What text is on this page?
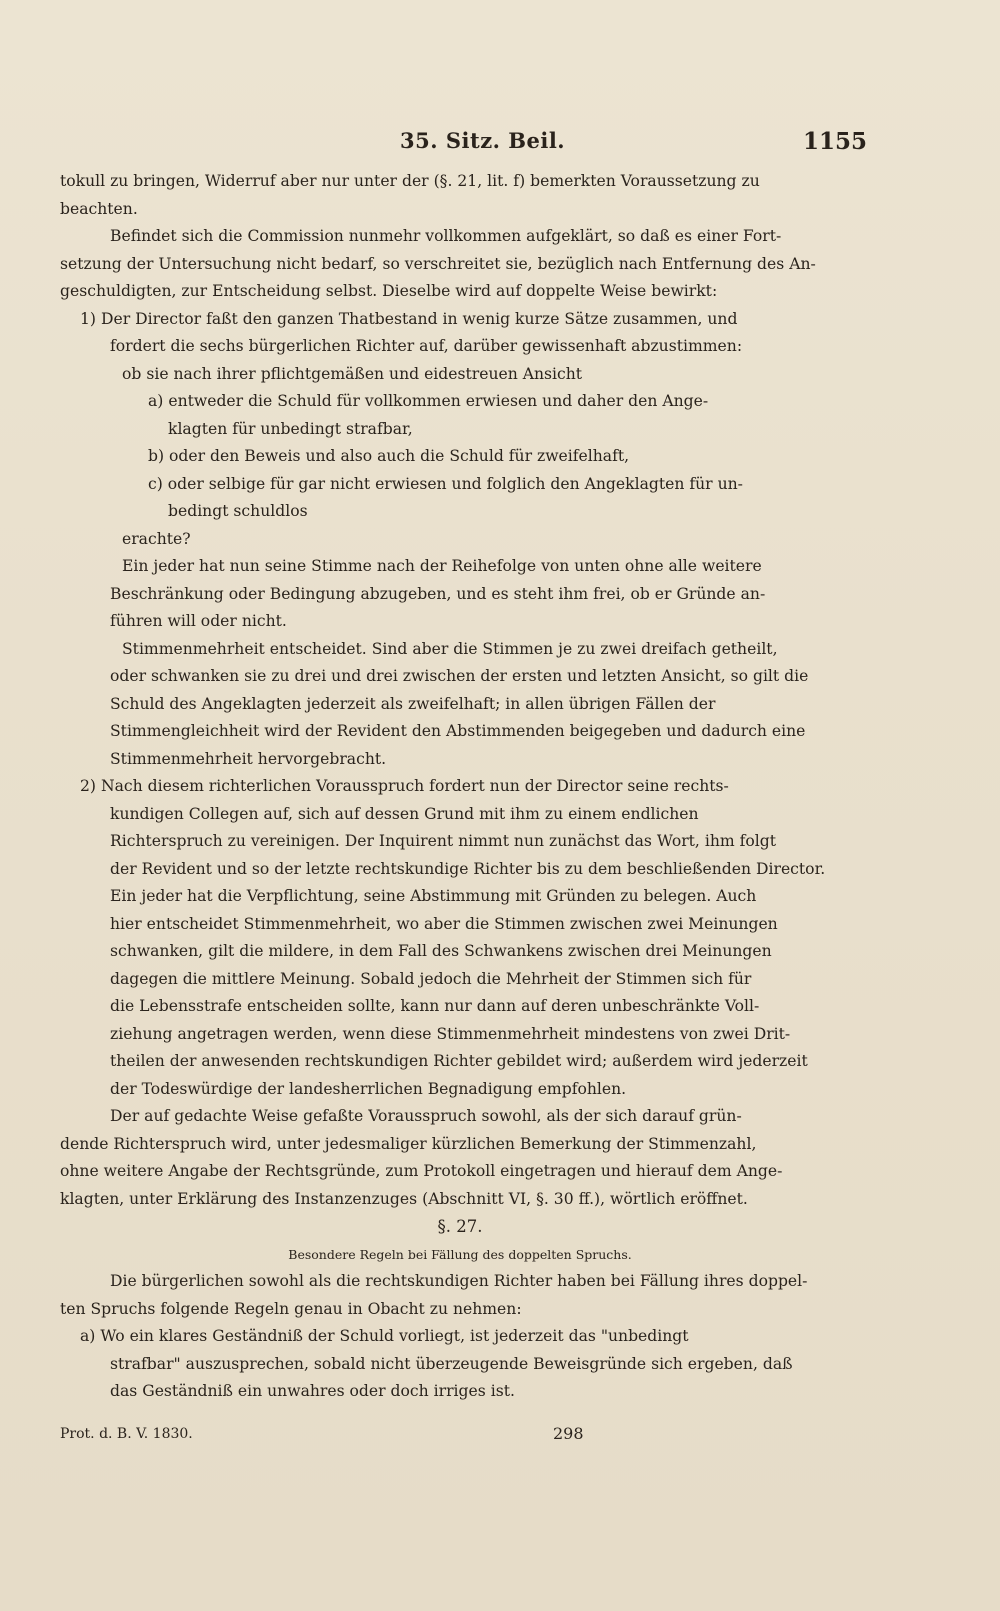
35. Sitz. Beil.	1155
tokull zu bringen, Widerruf aber nur unter der (§. 21, lit. f) bemerkten Voraussetzung zu
beachten.
Befindet sich die Commission nunmehr vollkommen aufgeklärt, so daß es einer Fort-
setzung der Untersuchung nicht bedarf, so verschreitet sie, bezüglich nach Entfernung des An-
geschuldigten, zur Entscheidung selbst. Dieselbe wird auf doppelte Weise bewirkt:
1) Der Director faßt den ganzen Thatbestand in wenig kurze Sätze zusammen, und
fordert die sechs bürgerlichen Richter auf, darüber gewissenhaft abzustimmen:
ob sie nach ihrer pflichtgemäßen und eidestreuen Ansicht
a) entweder die Schuld für vollkommen erwiesen und daher den Ange-
klagten für unbedingt strafbar,
b) oder den Beweis und also auch die Schuld für zweifelhaft,
c) oder selbige für gar nicht erwiesen und folglich den Angeklagten für un-
bedingt schuldlos
erachte?
Ein jeder hat nun seine Stimme nach der Reihefolge von unten ohne alle weitere
Beschränkung oder Bedingung abzugeben, und es steht ihm frei, ob er Gründe an-
führen will oder nicht.
Stimmenmehrheit entscheidet. Sind aber die Stimmen je zu zwei dreifach getheilt,
oder schwanken sie zu drei und drei zwischen der ersten und letzten Ansicht, so gilt die
Schuld des Angeklagten jederzeit als zweifelhaft; in allen übrigen Fällen der
Stimmengleichheit wird der Revident den Abstimmenden beigegeben und dadurch eine
Stimmenmehrheit hervorgebracht.
2) Nach diesem richterlichen Vorausspruch fordert nun der Director seine rechts-
kundigen Collegen auf, sich auf dessen Grund mit ihm zu einem endlichen
Richterspruch zu vereinigen. Der Inquirent nimmt nun zunächst das Wort, ihm folgt
der Revident und so der letzte rechtskundige Richter bis zu dem beschließenden Director.
Ein jeder hat die Verpflichtung, seine Abstimmung mit Gründen zu belegen. Auch
hier entscheidet Stimmenmehrheit, wo aber die Stimmen zwischen zwei Meinungen
schwanken, gilt die mildere, in dem Fall des Schwankens zwischen drei Meinungen
dagegen die mittlere Meinung. Sobald jedoch die Mehrheit der Stimmen sich für
die Lebensstrafe entscheiden sollte, kann nur dann auf deren unbeschränkte Voll-
ziehung angetragen werden, wenn diese Stimmenmehrheit mindestens von zwei Drit-
theilen der anwesenden rechtskundigen Richter gebildet wird; außerdem wird jederzeit
der Todeswürdige der landesherrlichen Begnadigung empfohlen.
Der auf gedachte Weise gefaßte Vorausspruch sowohl, als der sich darauf grün-
dende Richterspruch wird, unter jedesmaliger kürzlichen Bemerkung der Stimmenzahl,
ohne weitere Angabe der Rechtsgründe, zum Protokoll eingetragen und hierauf dem Ange-
klagten, unter Erklärung des Instanzenzuges (Abschnitt VI, §. 30 ff.), wörtlich eröffnet.
§. 27.
Besondere Regeln bei Fällung des doppelten Spruchs.
Die bürgerlichen sowohl als die rechtskundigen Richter haben bei Fällung ihres doppel-
ten Spruchs folgende Regeln genau in Obacht zu nehmen:
a) Wo ein klares Geständniß der Schuld vorliegt, ist jederzeit das "unbedingt
strafbar" auszusprechen, sobald nicht überzeugende Beweisgründe sich ergeben, daß
das Geständniß ein unwahres oder doch irriges ist.
Prot. d. B. V. 1830.	298
